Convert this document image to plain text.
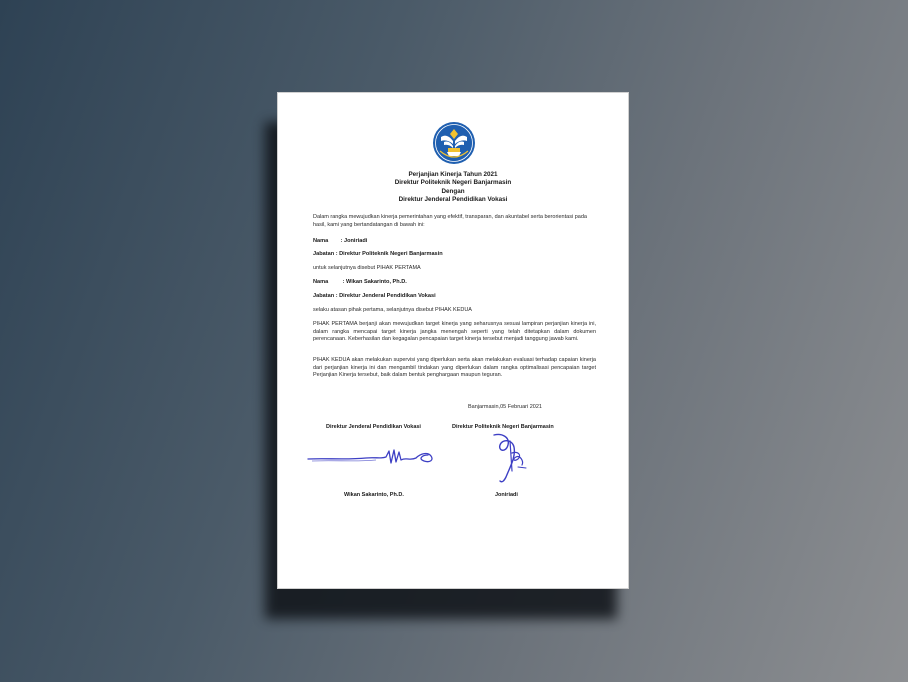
Perjanjian Kinerja Tahun 2021
Direktur Politeknik Negeri Banjarmasin
Dengan
Direktur Jenderal Pendidikan Vokasi
Dalam rangka mewujudkan kinerja pemerintahan yang efektif, transparan, dan akuntabel serta berorientasi pada hasil, kami yang bertandatangan di bawah ini:
Nama : Joniriadi
Jabatan : Direktur Politeknik Negeri Banjarmasin
untuk selanjutnya disebut PIHAK PERTAMA
Nama	: Wikan Sakarinto, Ph.D.
Jabatan : Direktur Jenderal Pendidikan Vokasi
selaku atasan pihak pertama, selanjutnya disebut PIHAK KEDUA
PIHAK PERTAMA berjanji akan mewujudkan target kinerja yang seharusnya sesuai lampiran perjanjian kinerja ini, dalam rangka mencapai target kinerja jangka menengah seperti yang telah ditetapkan dalam dokumen perencanaan. Keberhasilan dan kegagalan pencapaian target kinerja tersebut menjadi tanggung jawab kami.
PIHAK KEDUA akan melakukan supervisi yang diperlukan serta akan melakukan evaluasi terhadap capaian kinerja dari perjanjian kinerja ini dan mengambil tindakan yang diperlukan dalam rangka optimalisasi pencapaian target Perjanjian Kinerja tersebut, baik dalam bentuk penghargaan maupun teguran.
Banjarmasin,05 Februari 2021
Direktur Jenderal Pendidikan Vokasi	Direktur Politeknik Negeri Banjarmasin
Wikan Sakarinto, Ph.D.	Joniriadi
